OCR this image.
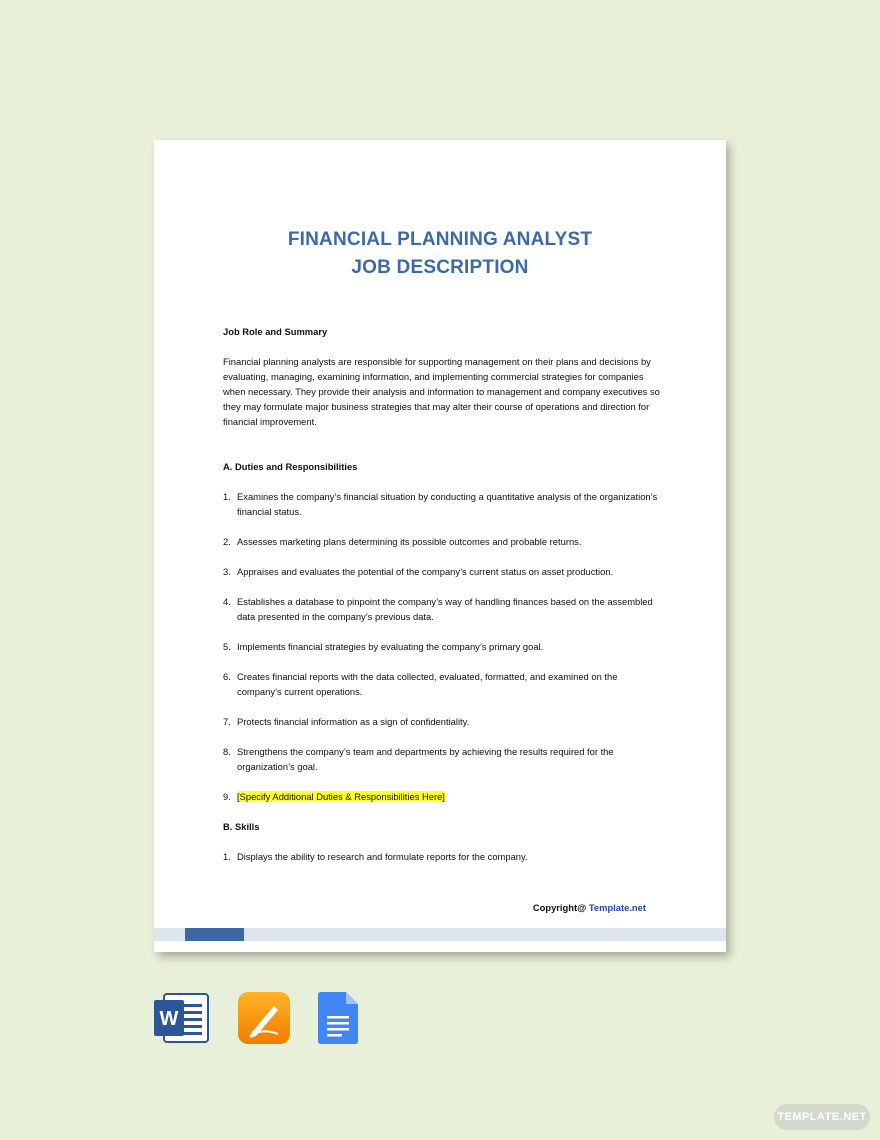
FINANCIAL PLANNING ANALYST
JOB DESCRIPTION
Job Role and Summary
Financial planning analysts are responsible for supporting management on their plans and decisions by evaluating, managing, examining information, and implementing commercial strategies for companies when necessary. They provide their analysis and information to management and company executives so they may formulate major business strategies that may alter their course of operations and direction for financial improvement.
A. Duties and Responsibilities
1. Examines the company’s financial situation by conducting a quantitative analysis of the organization’s financial status.
2. Assesses marketing plans determining its possible outcomes and probable returns.
3. Appraises and evaluates the potential of the company’s current status on asset production.
4. Establishes a database to pinpoint the company’s way of handling finances based on the assembled data presented in the company’s previous data.
5. Implements financial strategies by evaluating the company’s primary goal.
6. Creates financial reports with the data collected, evaluated, formatted, and examined on the company’s current operations.
7. Protects financial information as a sign of confidentiality.
8. Strengthens the company’s team and departments by achieving the results required for the organization’s goal.
9. [Specify Additional Duties & Responsibilities Here]
B. Skills
1. Displays the ability to research and formulate reports for the company.
Copyright@ Template.net
W
TEMPLATE.NET
